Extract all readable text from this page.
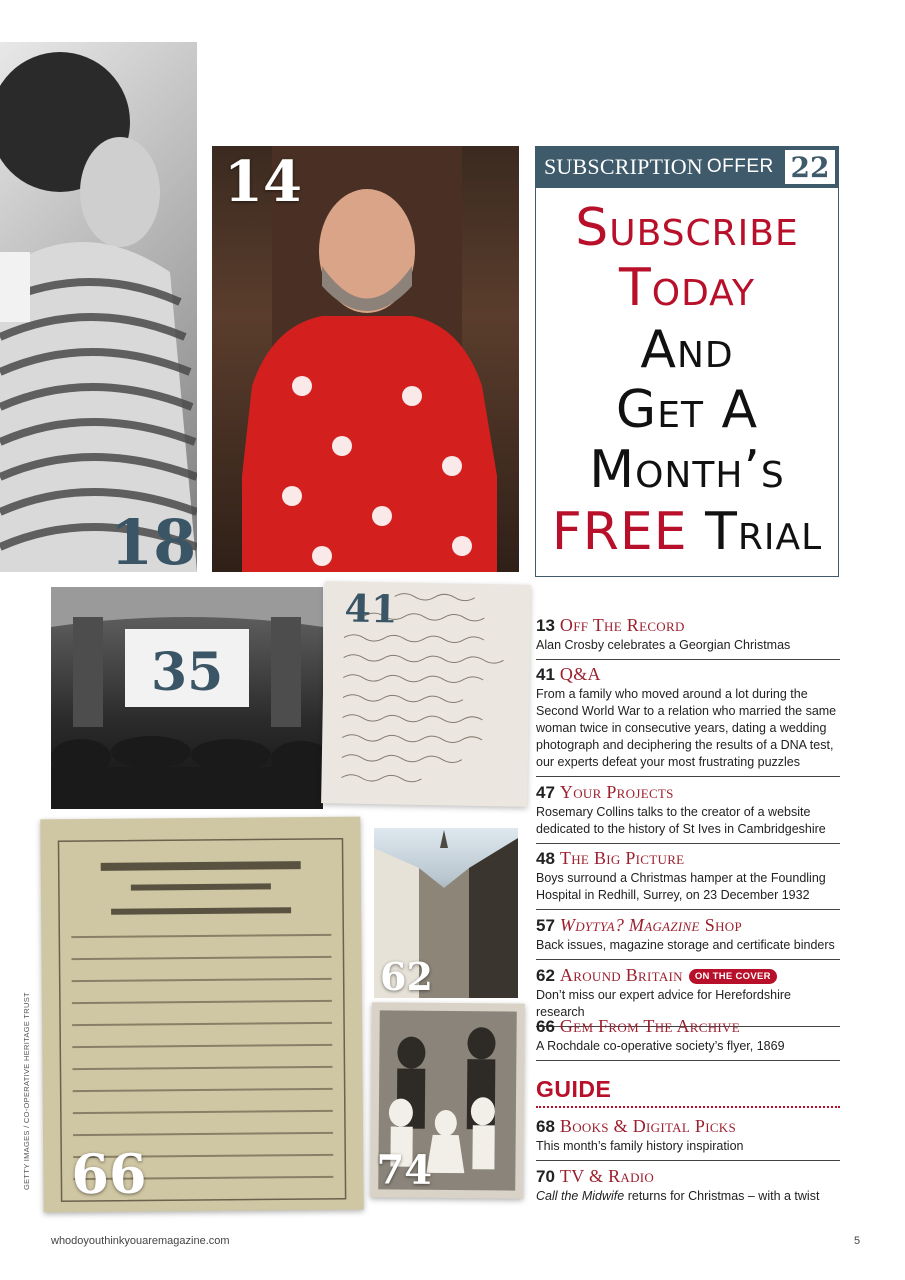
18
14	SUBSCRIPTION OFFER 22
Subscribe
Today
And
Get A
Month’s
FREE Trial
35
41
66
62
74
13 Off The Record
Alan Crosby celebrates a Georgian Christmas
41 Q&A
From a family who moved around a lot during the Second World War to a relation who married the same woman twice in consecutive years, dating a wedding photograph and deciphering the results of a DNA test, our experts defeat your most frustrating puzzles
47 Your Projects
Rosemary Collins talks to the creator of a website dedicated to the history of St Ives in Cambridgeshire
48 The Big Picture
Boys surround a Christmas hamper at the Foundling Hospital in Redhill, Surrey, on 23 December 1932
57 Wdytya? Magazine Shop
Back issues, magazine storage and certificate binders
62 Around Britain	ON THE COVER
Don’t miss our expert advice for Herefordshire research
66 Gem From The Archive
A Rochdale co-operative society’s flyer, 1869
GUIDE
68 Books & Digital Picks
This month’s family history inspiration
70 TV & Radio
Call the Midwife returns for Christmas – with a twist
GETTY IMAGES / CO-OPERATIVE HERITAGE TRUST
whodoyouthinkyouaremagazine.com	5
